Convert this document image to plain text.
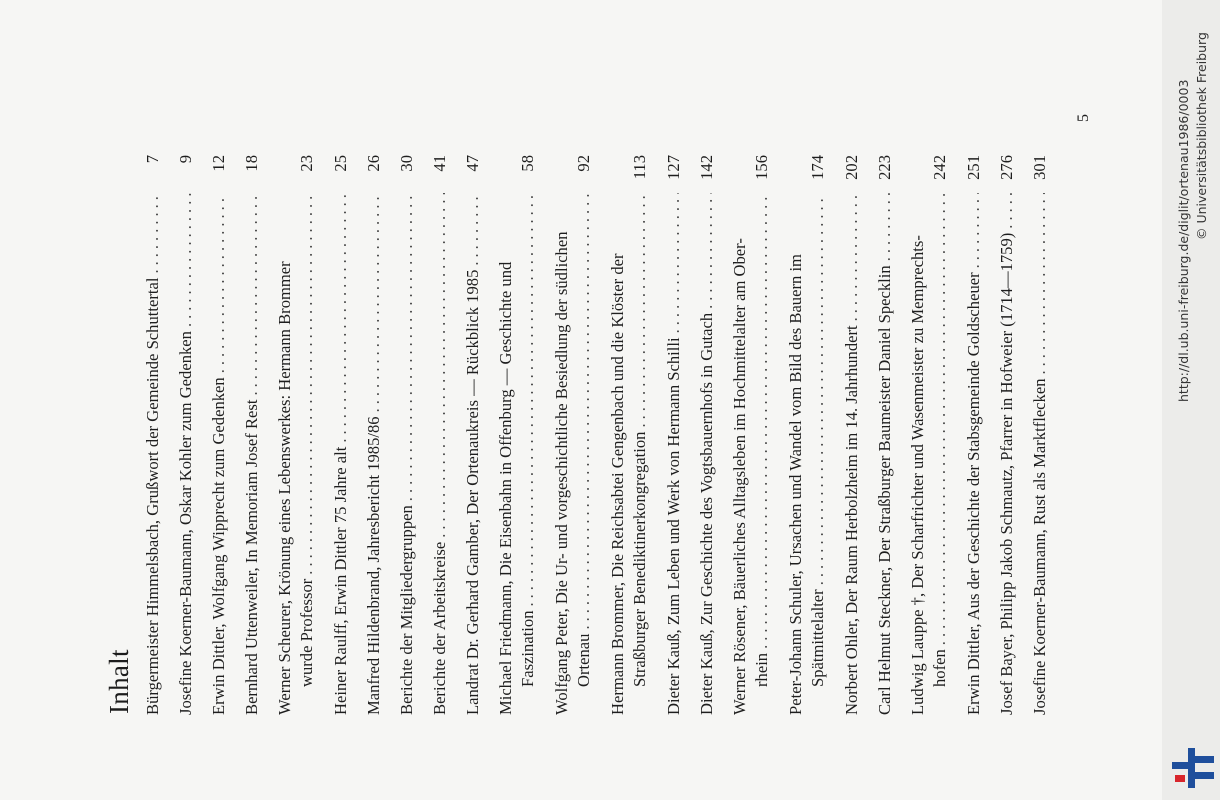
Inhalt Bürgermeister Himmelsbach, Grußwort der Gemeinde Schuttertal
.....
7
Josefine Koerner-Baumann, Oskar Kohler zum Gedenken
.....
9
Erwin Dittler, Wolfgang Wipprecht zum Gedenken
.....
12
Bernhard Uttenweiler, In Memoriam Josef Rest
.....
18
Werner Scheurer, Krönung eines Lebenswerkes: Hermann Brommer wurde Professor
.....
23
Heiner Raulff, Erwin Dittler 75 Jahre alt
.....
25
Manfred Hildenbrand, Jahresbericht 1985/86
.....
26
Berichte der Mitgliedergruppen
.....
30
Berichte der Arbeitskreise
.....
41
Landrat Dr. Gerhard Gamber, Der Ortenaukreis — Rückblick 1985
.....
47
Michael Friedmann, Die Eisenbahn in Offenburg — Geschichte und Faszination
.....
58
Wolfgang Peter, Die Ur- und vorgeschichtliche Besiedlung der südlichen Ortenau
.....
92
Hermann Brommer, Die Reichsabtei Gengenbach und die Klöster der Straßburger Benediktinerkongregation
.....
113
Dieter Kauß, Zum Leben und Werk von Hermann Schilli
.....
127
Dieter Kauß, Zur Geschichte des Vogtsbauernhofs in Gutach
.....
142
Werner Rösener, Bäuerliches Alltagsleben im Hochmittelalter am Ober- rhein
.....
156
Peter-Johann Schuler, Ursachen und Wandel vom Bild des Bauern im Spätmittelalter
.....
174
Norbert Ohler, Der Raum Herbolzheim im 14. Jahrhundert
.....
202
Carl Helmut Steckner, Der Straßburger Baumeister Daniel Specklin
.....
223
Ludwig Lauppe †, Der Scharfrichter und Wasenmeister zu Memprechts- hofen
.....
242
Erwin Dittler, Aus der Geschichte der Stabsgemeinde Goldscheuer
.....
251
Josef Bayer, Philipp Jakob Schmautz, Pfarrer in Hofweier (1714—1759)
.....
276
Josefine Koerner-Baumann, Rust als Marktflecken
.....
301
5	http://dl.ub.uni-freiburg.de/diglit/ortenau1986/0003 © Universitätsbibliothek Freiburg
